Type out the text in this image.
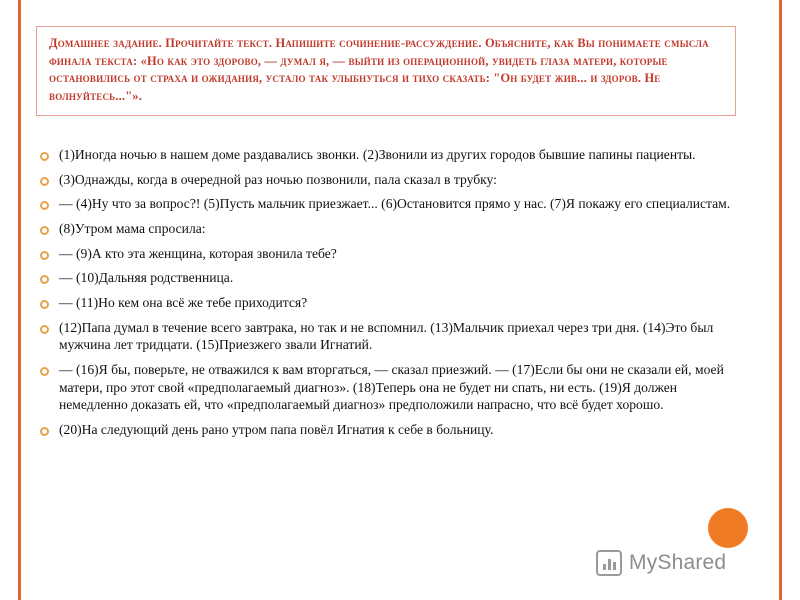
Домашнее задание. Прочитайте текст. Напишите сочинение-рассуждение. Объясните, как Вы понимаете смысла финала текста: «Но как это здорово, — думал я, — выйти из операционной, увидеть глаза матери, которые остановились от страха и ожидания, устало так улыбнуться и тихо сказать: "Он будет жив... и здоров. Не волнуйтесь..."».

(1)Иногда ночью в нашем доме раздавались звонки. (2)Звонили из других городов бывшие папины пациенты.
(3)Однажды, когда в очередной раз ночью позвонили, пала сказал в трубку:
— (4)Ну что за вопрос?! (5)Пусть мальчик приезжает... (6)Остановится прямо у нас. (7)Я покажу его специалистам.
(8)Утром мама спросила:
— (9)А кто эта женщина, которая звонила тебе?
— (10)Дальняя родственница.
— (11)Но кем она всё же тебе приходится?
(12)Папа думал в течение всего завтрака, но так и не вспомнил. (13)Мальчик приехал через три дня. (14)Это был мужчина лет тридцати. (15)Приезжего звали Игнатий.
— (16)Я бы, поверьте, не отважился к вам вторгаться, — сказал приезжий. — (17)Если бы они не сказали ей, моей матери, про этот свой «предполагаемый диагноз». (18)Теперь она не будет ни спать, ни есть. (19)Я должен немедленно доказать ей, что «предполагаемый диагноз» предположили напрасно, что всё будет хорошо.
(20)На следующий день рано утром папа повёл Игнатия к себе в больницу.
MyShared
